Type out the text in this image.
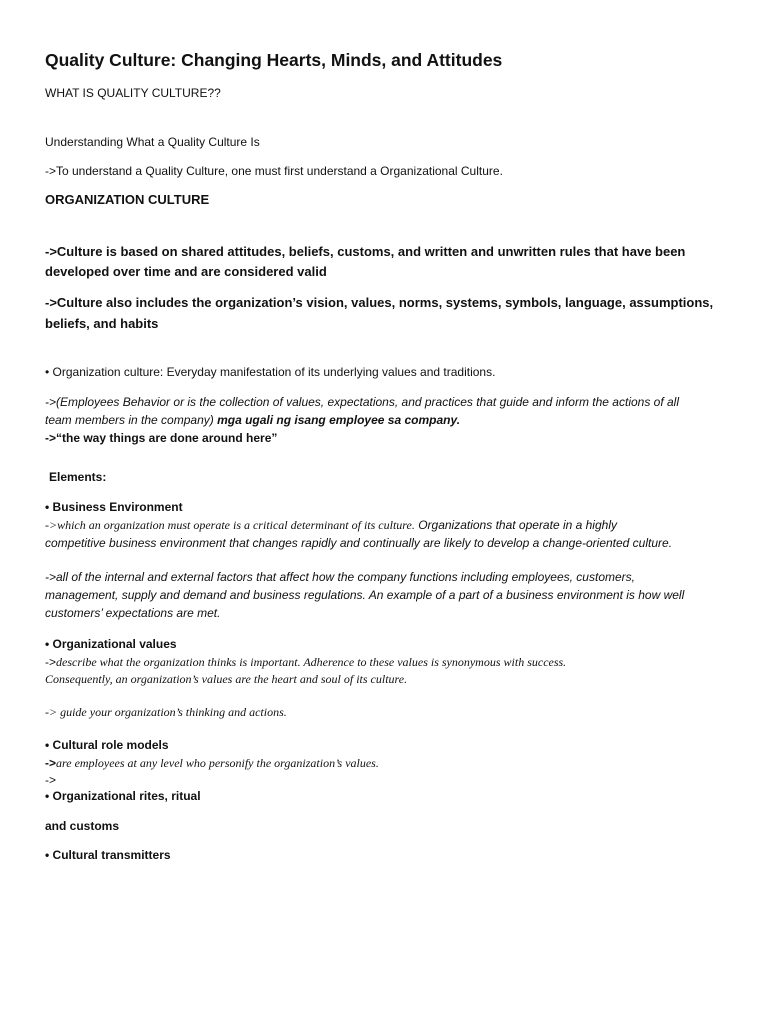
Quality Culture: Changing Hearts, Minds, and Attitudes

WHAT IS QUALITY CULTURE??

Understanding What a Quality Culture Is

->To understand a Quality Culture, one must first understand a Organizational Culture.

ORGANIZATION CULTURE

->Culture is based on shared attitudes, beliefs, customs, and written and unwritten rules that have been

developed over time and are considered valid

->Culture also includes the organization’s vision, values, norms, systems, symbols, language, assumptions,

beliefs, and habits

• Organization culture: Everyday manifestation of its underlying values and traditions.

->(Employees Behavior or is the collection of values, expectations, and practices that guide and inform the actions of all

team members in the company) mga ugali ng isang employee sa company.

->“the way things are done around here”

Elements:

• Business Environment

->which an organization must operate is a critical determinant of its culture. Organizations that operate in a highly

competitive business environment that changes rapidly and continually are likely to develop a change-oriented culture.

->all of the internal and external factors that affect how the company functions including employees, customers,

management, supply and demand and business regulations. An example of a part of a business environment is how well

customers’ expectations are met.

• Organizational values

->describe what the organization thinks is important. Adherence to these values is synonymous with success.

Consequently, an organization’s values are the heart and soul of its culture.

-> guide your organization’s thinking and actions.

• Cultural role models

->are employees at any level who personify the organization’s values.

->

• Organizational rites, ritual

and customs

• Cultural transmitters
